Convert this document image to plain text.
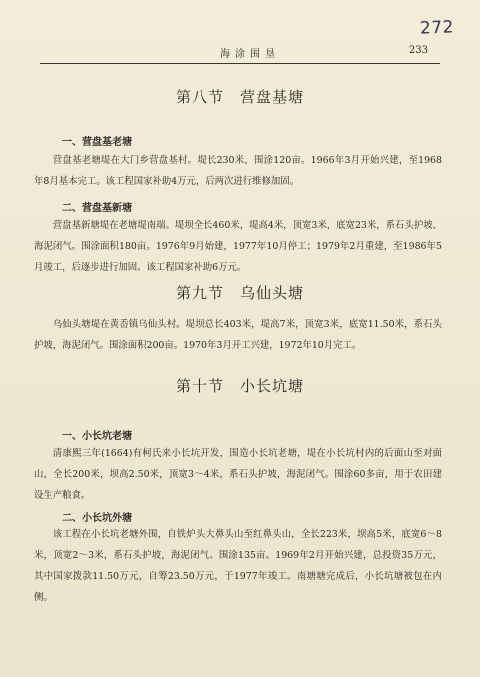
272
海涂围垦	233
第八节　营盘基塘
一、营盘基老塘

营盘基老塘堤在大门乡营盘基村。堤长230米，围涂120亩。1966年3月开始兴建，至1968年8月基本完工。该工程国家补助4万元，后两次进行维修加固。

二、营盘基新塘

营盘基新塘堤在老塘堤南端。堤坝全长460米，堤高4米，顶宽3米，底宽23米，系石头护坡、海泥闭气。围涂面积180亩。1976年9月始建，1977年10月停工；1979年2月重建，至1986年5月竣工，后逐步进行加固。该工程国家补助6万元。

第九节　乌仙头塘

乌仙头塘堤在黄岙镇乌仙头村。堤坝总长403米，堤高7米，顶宽3米，底宽11.50米，系石头护坡，海泥闭气。围涂面积200亩。1970年3月开工兴建，1972年10月完工。

第十节　小长坑塘
一、小长坑老塘

清康熙三年(1664)有柯氏来小长坑开发，围造小长坑老塘，堤在小长坑村内的后面山至对面山，全长200米，坝高2.50米，顶宽3～4米，系石头护坡，海泥闭气。围涂60多亩，用于农田建设生产粮食。

二、小长坑外塘

该工程在小长坑老塘外围，自铁炉头大鼻头山至红鼻头山，全长223米，坝高5米，底宽6～8米，顶宽2～3米，系石头护坡，海泥闭气。围涂135亩。1969年2月开始兴建，总投资35万元，其中国家拨款11.50万元，自筹23.50万元，于1977年竣工。南塘塘完成后，小长坑塘被包在内侧。
